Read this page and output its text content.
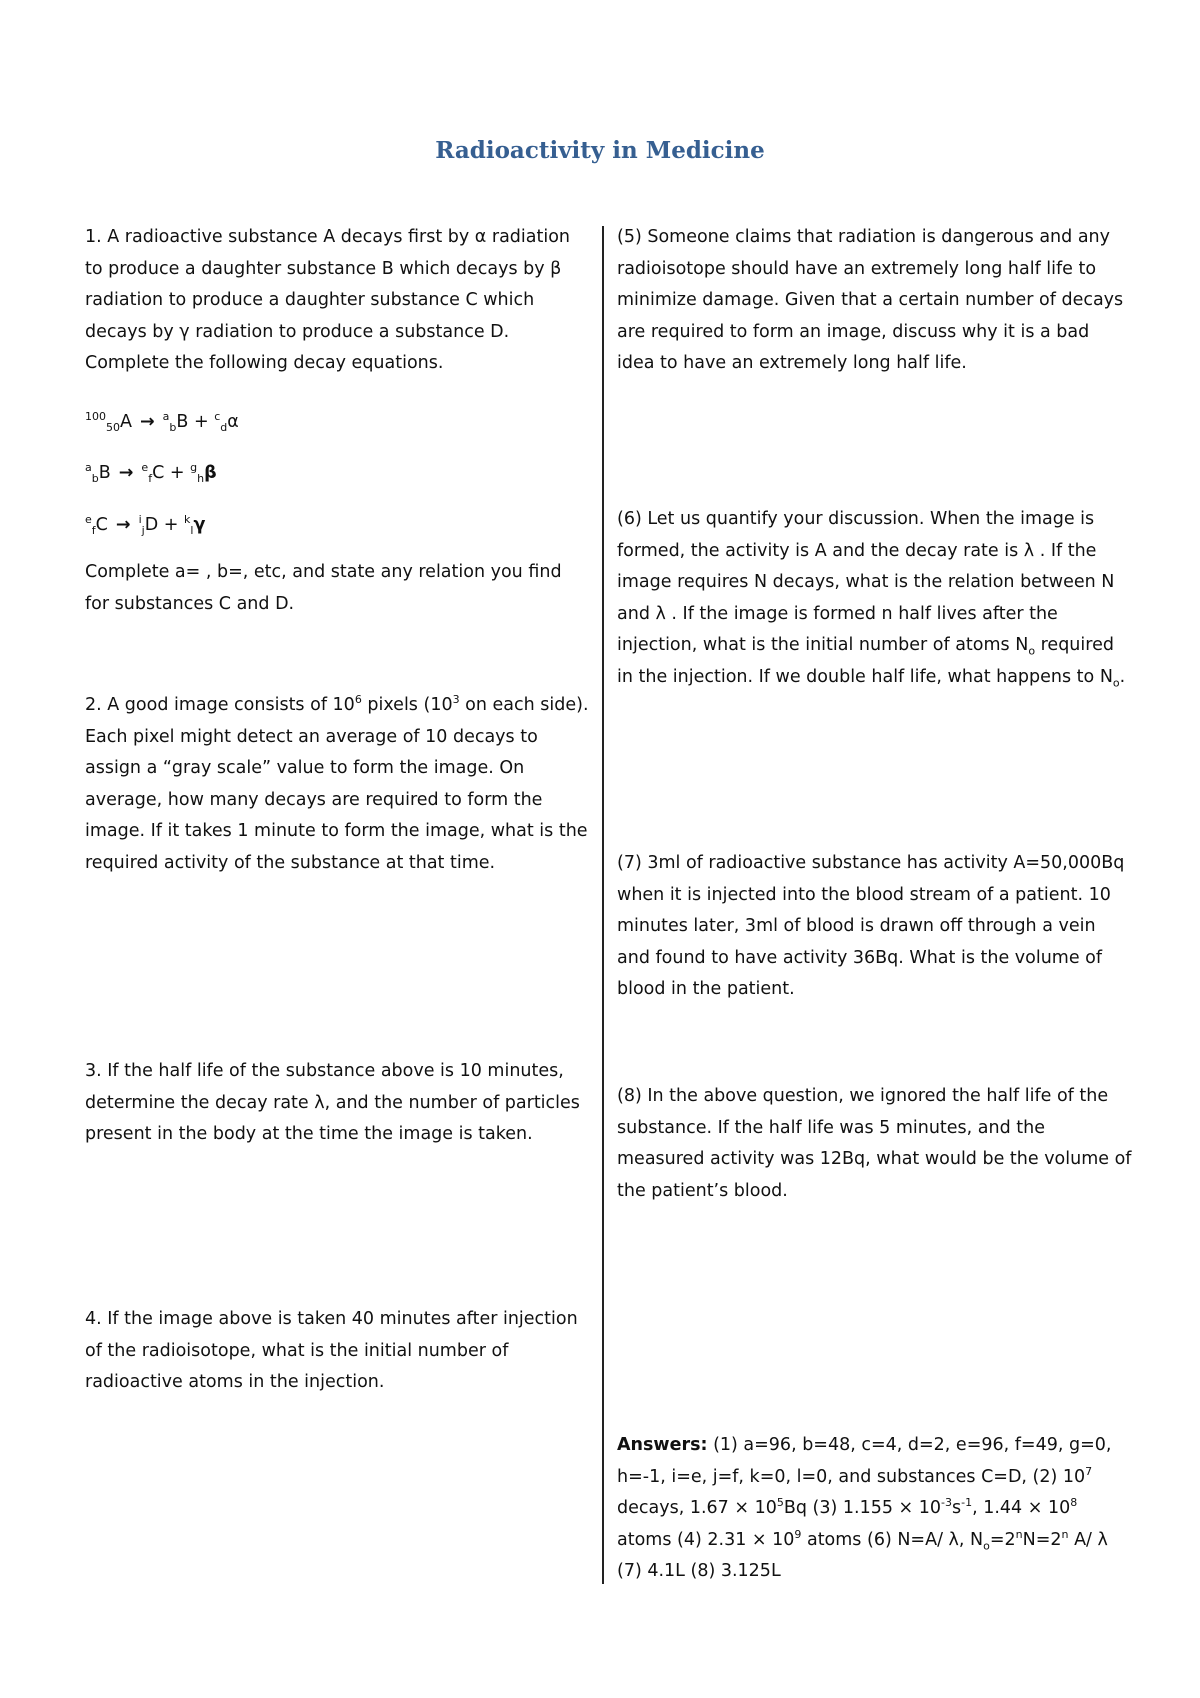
Radioactivity in Medicine

1. A radioactive substance A decays first by α radiation to produce a daughter substance B which decays by β radiation to produce a daughter substance C which decays by γ radiation to produce a substance D. Complete the following decay equations.

$^{100}_{50}$A → $^a_b$B + $^c_d$α
$^a_b$B → $^e_f$C + $^g_h$β
$^e_f$C → $^i_j$D + $^k_l$γ

Complete a= , b=, etc, and state any relation you find for substances C and D.

2. A good image consists of $10^6$ pixels ($10^3$ on each side). Each pixel might detect an average of 10 decays to assign a “gray scale” value to form the image. On average, how many decays are required to form the image. If it takes 1 minute to form the image, what is the required activity of the substance at that time.

3. If the half life of the substance above is 10 minutes, determine the decay rate λ, and the number of particles present in the body at the time the image is taken.

4. If the image above is taken 40 minutes after injection of the radioisotope, what is the initial number of radioactive atoms in the injection.

(5) Someone claims that radiation is dangerous and any radioisotope should have an extremely long half life to minimize damage. Given that a certain number of decays are required to form an image, discuss why it is a bad idea to have an extremely long half life.

(6) Let us quantify your discussion. When the image is formed, the activity is A and the decay rate is λ . If the image requires N decays, what is the relation between N and λ . If the image is formed n half lives after the injection, what is the initial number of atoms $N_o$ required in the injection. If we double half life, what happens to $N_o$.

(7) 3ml of radioactive substance has activity A=50,000Bq when it is injected into the blood stream of a patient. 10 minutes later, 3ml of blood is drawn off through a vein and found to have activity 36Bq. What is the volume of blood in the patient.

(8) In the above question, we ignored the half life of the substance. If the half life was 5 minutes, and the measured activity was 12Bq, what would be the volume of the patient’s blood.

Answers: (1) a=96, b=48, c=4, d=2, e=96, f=49, g=0, h=-1, i=e, j=f, k=0, l=0, and substances C=D, (2) $10^7$ decays, $1.67 \times 10^5Bq$ (3) $1.155 \times 10^{-3}s^{-1}$, $1.44 \times 10^8$ atoms (4) $2.31 \times 10^9$ atoms (6) N=A/ λ, $N_o=2^nN=2^n$ A/ λ (7) 4.1L (8) 3.125L
